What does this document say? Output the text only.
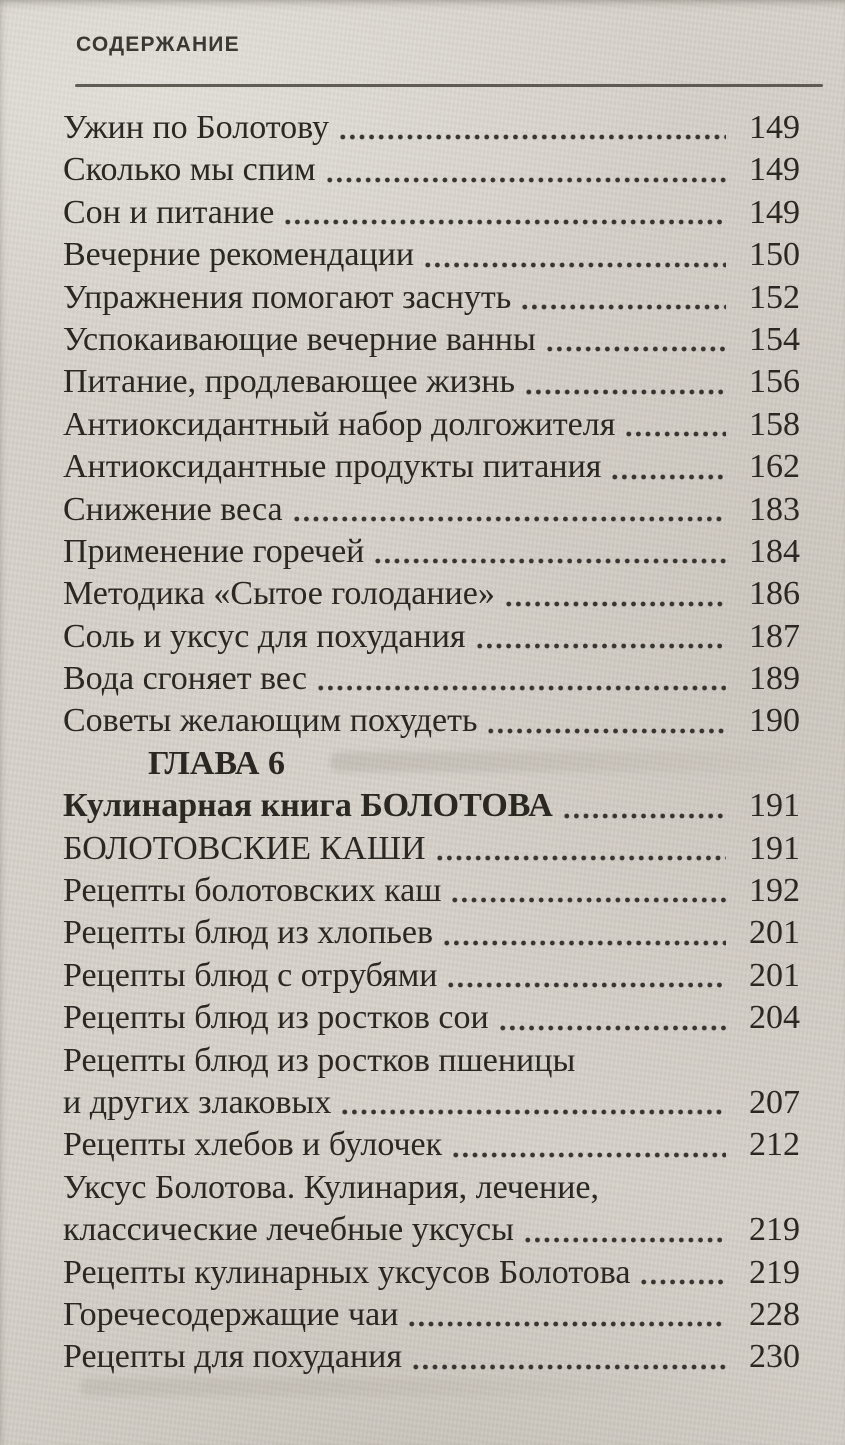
СОДЕРЖАНИЕ
Ужин по Болотову	149
Сколько мы спим	149
Сон и питание	149
Вечерние рекомендации	150
Упражнения помогают заснуть	152
Успокаивающие вечерние ванны	154
Питание, продлевающее жизнь	156
Антиоксидантный набор долгожителя	158
Антиоксидантные продукты питания	162
Снижение веса	183
Применение горечей	184
Методика «Сытое голодание»	186
Соль и уксус для похудания	187
Вода сгоняет вес	189
Советы желающим похудеть	190
ГЛАВА 6
Кулинарная книга БОЛОТОВА	191
БОЛОТОВСКИЕ КАШИ	191
Рецепты болотовских каш	192
Рецепты блюд из хлопьев	201
Рецепты блюд с отрубями	201
Рецепты блюд из ростков сои	204
Рецепты блюд из ростков пшеницы
и других злаковых	207
Рецепты хлебов и булочек	212
Уксус Болотова. Кулинария, лечение,
классические лечебные уксусы	219
Рецепты кулинарных уксусов Болотова	219
Горечесодержащие чаи	228
Рецепты для похудания	230
